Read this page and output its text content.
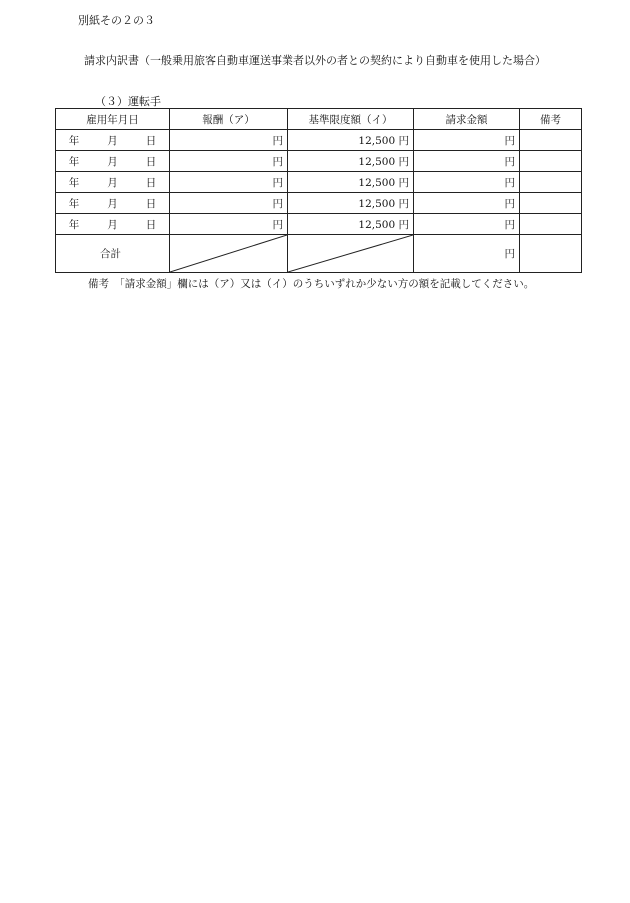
別紙その２の３
請求内訳書（一般乗用旅客自動車運送事業者以外の者との契約により自動車を使用した場合）
（３）運転手
雇用年月日	報酬（ア）	基準限度額（イ）	請求金額	備考
年 月 日	円	12,500 円	円	
年 月 日	円	12,500 円	円	
年 月 日	円	12,500 円	円	
年 月 日	円	12,500 円	円	
年 月 日	円	12,500 円	円	
合計			円	
備考　「請求金額」欄には（ア）又は（イ）のうちいずれか少ない方の額を記載してください。
